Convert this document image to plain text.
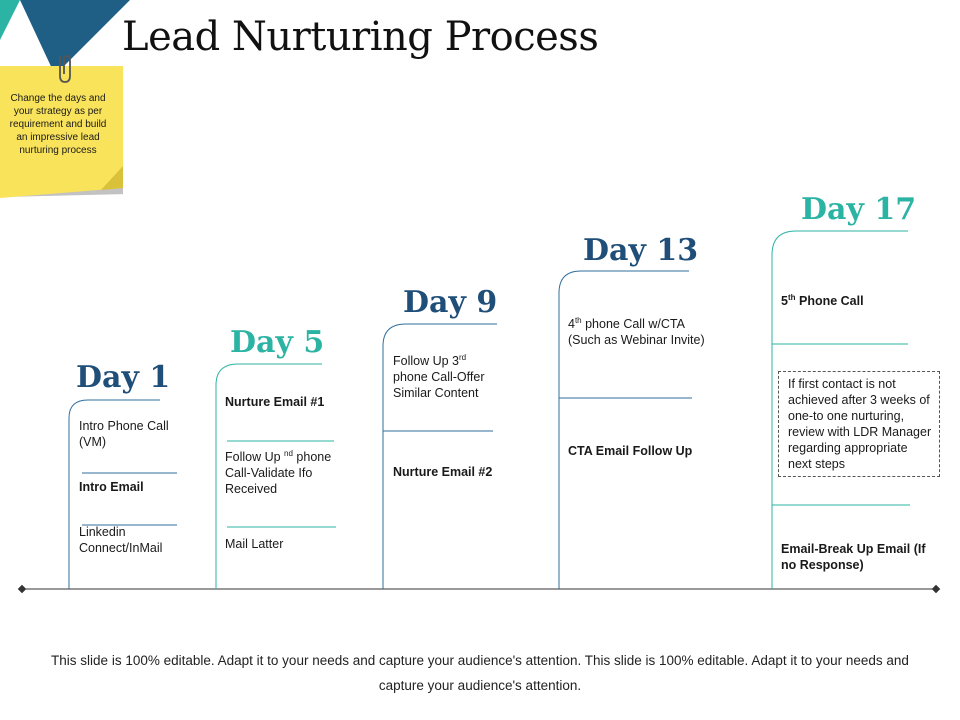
Change the days and your strategy as per requirement and build an impressive lead nurturing process
Lead Nurturing Process
Day 1
Day 5
Day 9
Day 13
Day 17
Intro Phone Call (VM)
Intro Email
Linkedin Connect/InMail
Nurture Email #1
Follow Up $^{nd}$ phone Call-Validate Ifo Received
Mail Latter
Follow Up 3rd phone Call-Offer Similar Content
Nurture Email #2
4th phone Call w/CTA (Such as Webinar Invite)
CTA Email Follow Up
5th Phone Call
If first contact is not achieved after 3 weeks of one-to one nurturing, review with LDR Manager regarding appropriate next steps
Email-Break Up Email (If no Response)
This slide is 100% editable. Adapt it to your needs and capture your audience's attention. This slide is 100% editable. Adapt it to your needs and capture your audience's attention.
